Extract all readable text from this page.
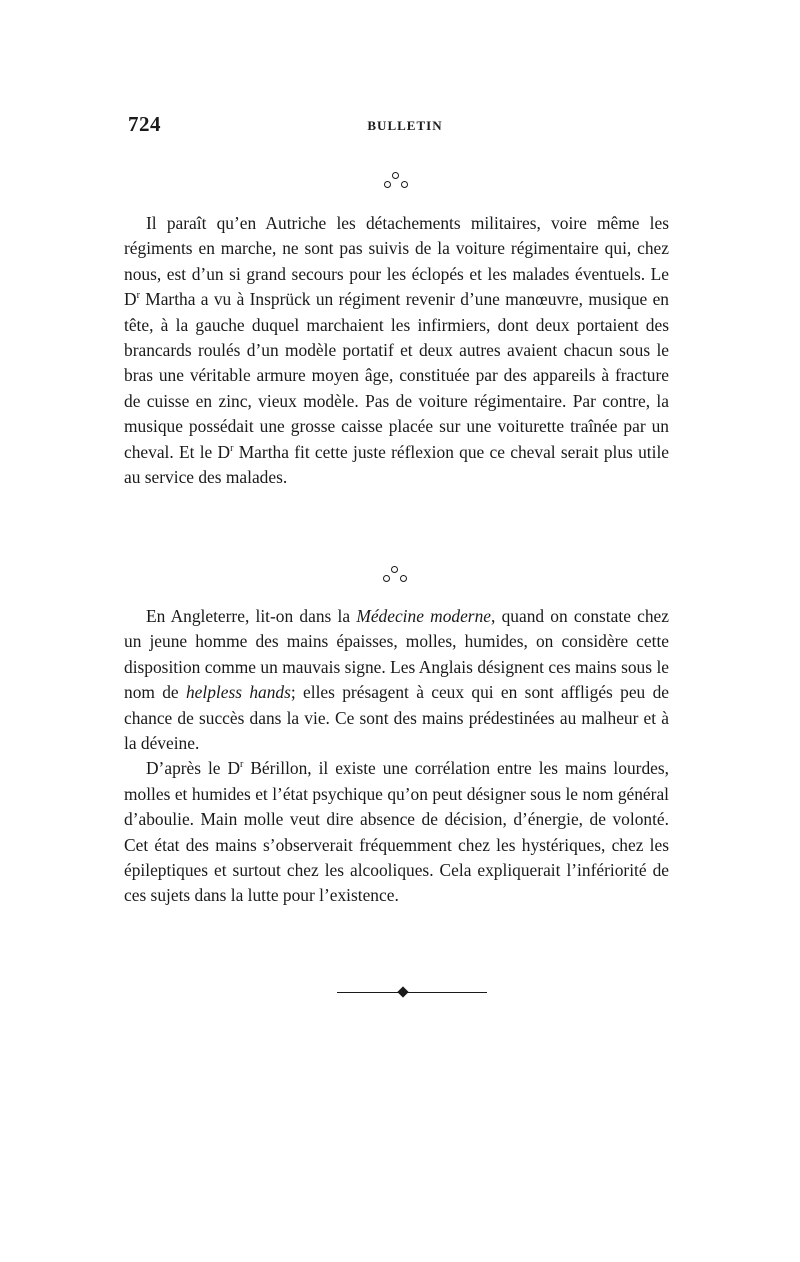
724	BULLETIN

Il paraît qu’en Autriche les détachements militaires, voire même les régiments en marche, ne sont pas suivis de la voiture régimentaire qui, chez nous, est d’un si grand secours pour les éclopés et les malades éventuels. Le $D^r$ Martha a vu à Insprück un régiment revenir d’une manœuvre, musique en tête, à la gauche duquel marchaient les infirmiers, dont deux portaient des brancards roulés d’un modèle portatif et deux autres avaient chacun sous le bras une véritable armure moyen âge, constituée par des appareils à fracture de cuisse en zinc, vieux modèle. Pas de voiture régimentaire. Par contre, la musique possédait une grosse caisse placée sur une voiturette traînée par un cheval. Et le $D^r$ Martha fit cette juste réflexion que ce cheval serait plus utile au service des malades.

En Angleterre, lit-on dans la Médecine moderne, quand on constate chez un jeune homme des mains épaisses, molles, humides, on considère cette disposition comme un mauvais signe. Les Anglais désignent ces mains sous le nom de helpless hands; elles présagent à ceux qui en sont affligés peu de chance de succès dans la vie. Ce sont des mains prédestinées au malheur et à la déveine.

D’après le $D^r$ Bérillon, il existe une corrélation entre les mains lourdes, molles et humides et l’état psychique qu’on peut désigner sous le nom général d’aboulie. Main molle veut dire absence de décision, d’énergie, de volonté. Cet état des mains s’observerait fréquemment chez les hystériques, chez les épileptiques et surtout chez les alcooliques. Cela expliquerait l’infériorité de ces sujets dans la lutte pour l’existence.
